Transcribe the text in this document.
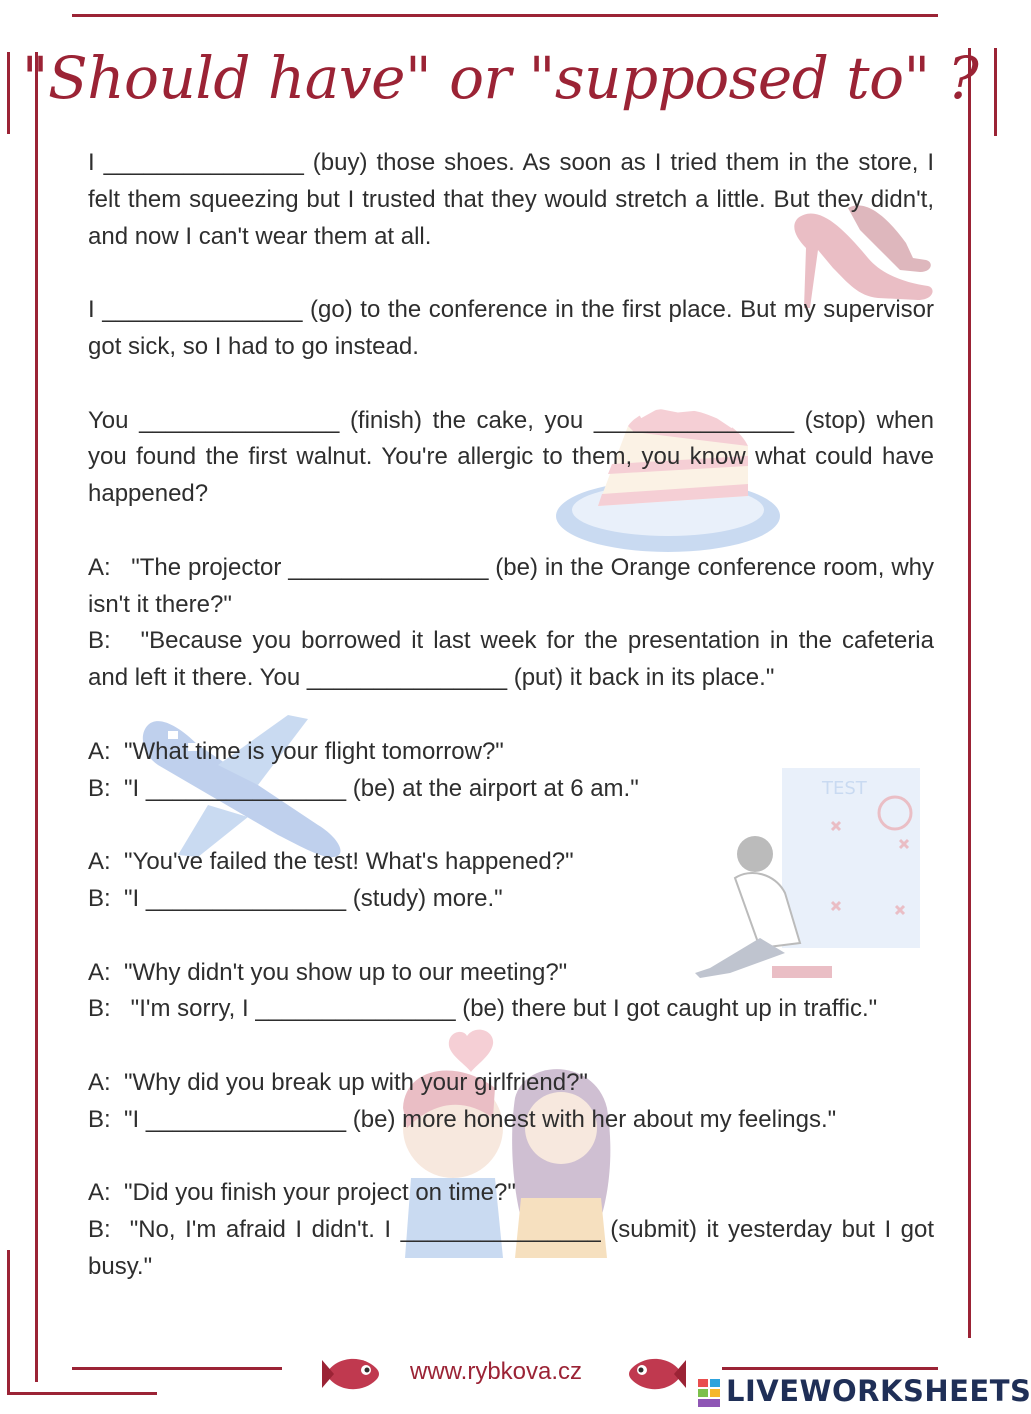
"Should have" or "supposed to" ?
TEST

I _______________ (buy) those shoes. As soon as I tried them in the store, I felt them squeezing but I trusted that they would stretch a little. But they didn't, and now I can't wear them at all.

I _______________ (go) to the conference in the first place. But my supervisor got sick, so I had to go instead.

You _______________ (finish) the cake, you _______________ (stop) when you found the first walnut. You're allergic to them, you know what could have happened?

A:   "The projector _______________ (be) in the Orange conference room, why isn't it there?"

B:   "Because you borrowed it last week for the presentation in the cafeteria and left it there. You _______________ (put) it back in its place."

A:  "What time is your flight tomorrow?"

B:  "I _______________ (be) at the airport at 6 am."

A:  "You've failed the test! What's happened?"

B:  "I _______________ (study) more."

A:  "Why didn't you show up to our meeting?"

B:   "I'm sorry, I _______________ (be) there but I got caught up in traffic."

A:  "Why did you break up with your girlfriend?"

B:  "I _______________ (be) more honest with her about my feelings."

A:  "Did you finish your project on time?"

B:  "No, I'm afraid I didn't. I _______________ (submit) it yesterday but I got busy."

www.rybkova.cz
LIVEWORKSHEETS
